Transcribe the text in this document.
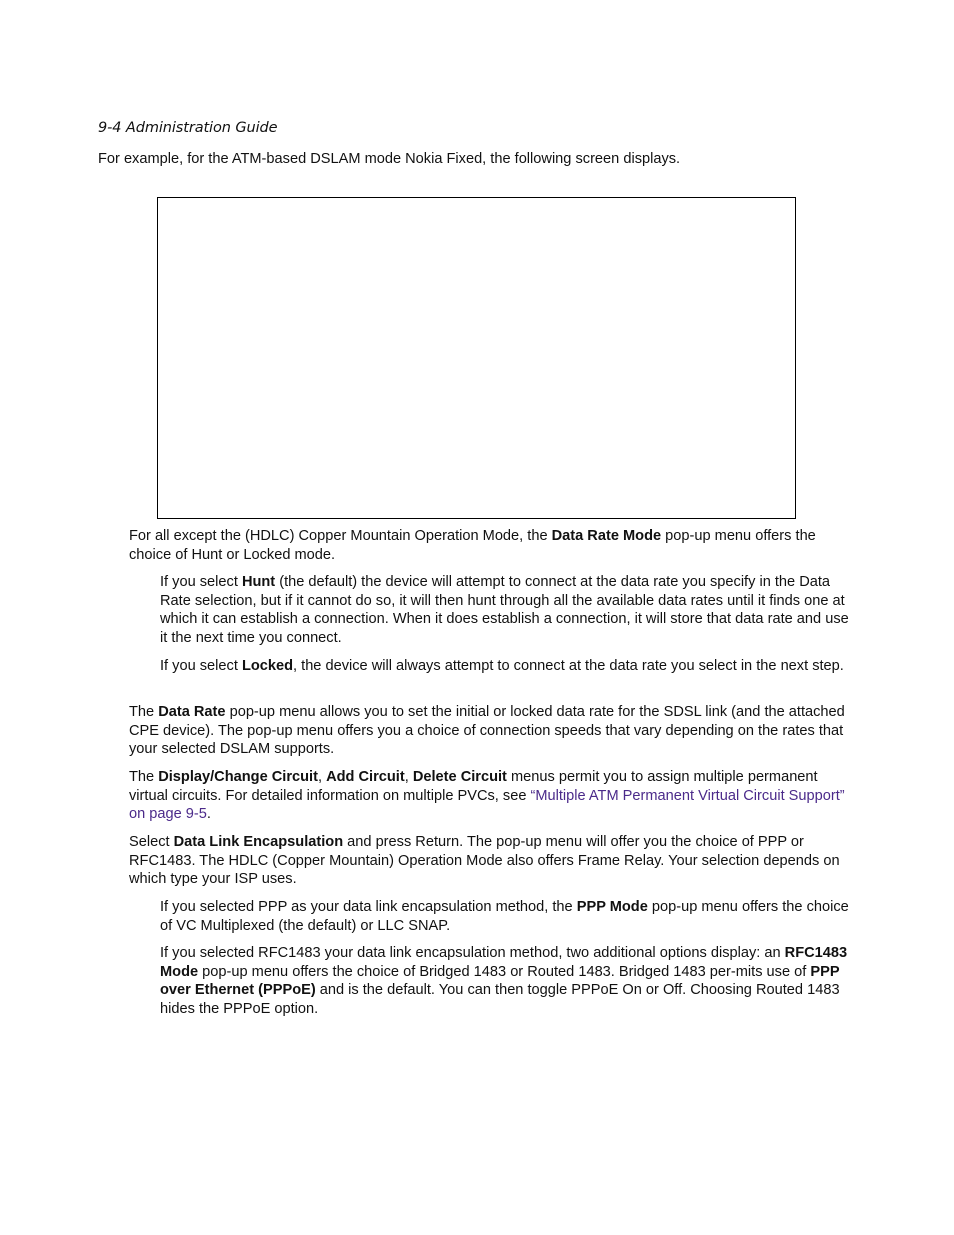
9-4 Administration Guide

For example, for the ATM-based DSLAM mode Nokia Fixed, the following screen displays.

For all except the (HDLC) Copper Mountain Operation Mode, the Data Rate Mode pop-up menu offers the choice of Hunt or Locked mode.

If you select Hunt (the default) the device will attempt to connect at the data rate you specify in the Data Rate selection, but if it cannot do so, it will then hunt through all the available data rates until it finds one at which it can establish a connection. When it does establish a connection, it will store that data rate and use it the next time you connect.

If you select Locked, the device will always attempt to connect at the data rate you select in the next step.

The Data Rate pop-up menu allows you to set the initial or locked data rate for the SDSL link (and the attached CPE device). The pop-up menu offers you a choice of connection speeds that vary depending on the rates that your selected DSLAM supports.

The Display/Change Circuit, Add Circuit, Delete Circuit menus permit you to assign multiple permanent virtual circuits. For detailed information on multiple PVCs, see “Multiple ATM Permanent Virtual Circuit Support” on page 9-5.

Select Data Link Encapsulation and press Return. The pop-up menu will offer you the choice of PPP or RFC1483. The HDLC (Copper Mountain) Operation Mode also offers Frame Relay. Your selection depends on which type your ISP uses.

If you selected PPP as your data link encapsulation method, the PPP Mode pop-up menu offers the choice of VC Multiplexed (the default) or LLC SNAP.

If you selected RFC1483 your data link encapsulation method, two additional options display: an RFC1483 Mode pop-up menu offers the choice of Bridged 1483 or Routed 1483. Bridged 1483 per-mits use of PPP over Ethernet (PPPoE) and is the default. You can then toggle PPPoE On or Off. Choosing Routed 1483 hides the PPPoE option.
